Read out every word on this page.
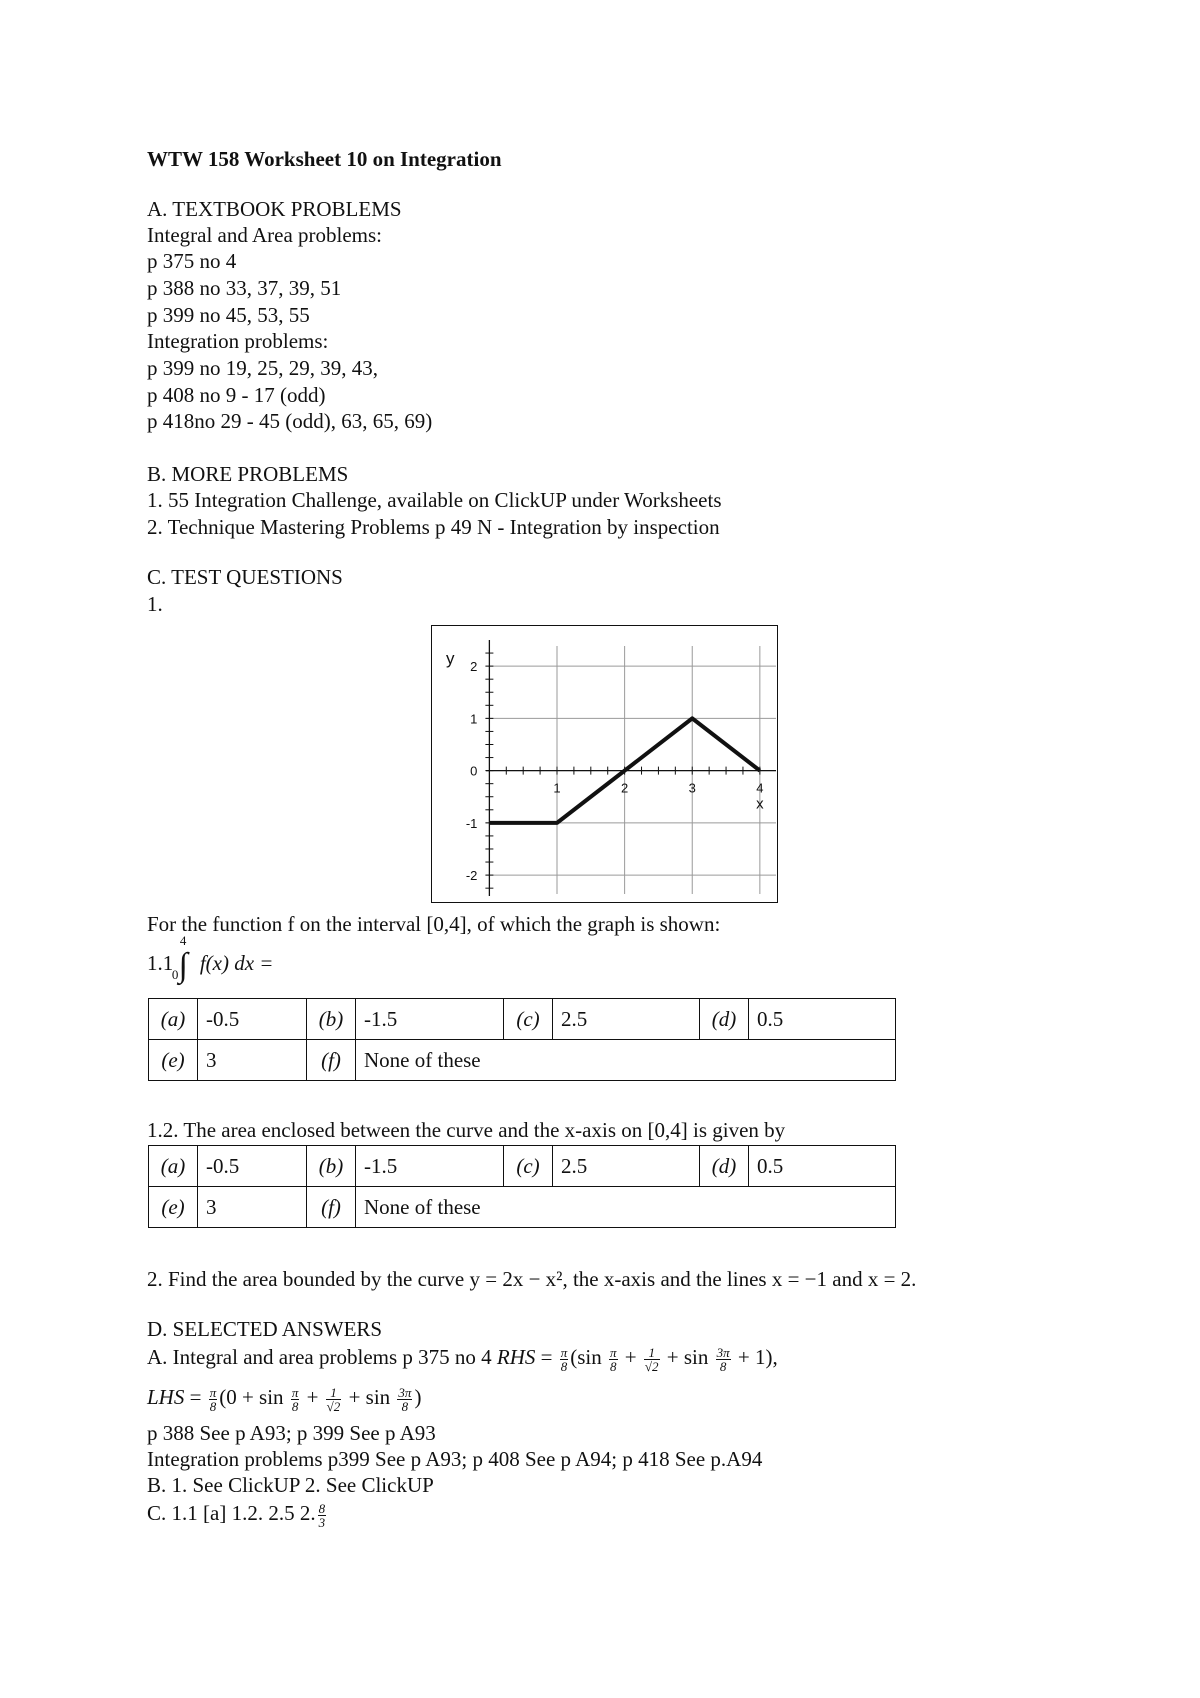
WTW 158 Worksheet 10 on Integration
A. TEXTBOOK PROBLEMS
Integral and Area problems:
p 375 no 4
p 388 no 33, 37, 39, 51
p 399 no 45, 53, 55
Integration problems:
p 399 no 19, 25, 29, 39, 43,
p 408 no 9 - 17 (odd)
p 418no 29 - 45 (odd), 63, 65, 69)
B. MORE PROBLEMS
1. 55 Integration Challenge, available on ClickUP under Worksheets
2. Technique Mastering Problems p 49 N - Integration by inspection
C. TEST QUESTIONS
1.
1	2	3	4
2
1
0
-1
-2
x
y
For the function f on the interval [0,4], of which the graph is shown:
1.1 ∫
4
0 f(x) dx =
(a)	-0.5	(b)	-1.5	(c)	2.5	(d)	0.5
(e)	3	(f)	None of these				
1.2. The area enclosed between the curve and the x-axis on [0,4] is given by
(a)	-0.5	(b)	-1.5	(c)	2.5	(d)	0.5
(e)	3	(f)	None of these				
2. Find the area bounded by the curve y = 2x − x², the x-axis and the lines x = −1 and x = 2.
D. SELECTED ANSWERS
A. Integral and area problems p 375 no 4 RHS = $\frac{\pi}{8} (\sin \frac{\pi}{8} + \frac{1}{√2} + \sin \frac{3\pi}{8} + 1)$,
LHS = $\frac{\pi}{8} (0 + \sin \frac{\pi}{8} + \frac{1}{√2} + \sin \frac{3\pi}{8}$ )
p 388 See p A93; p 399 See p A93
Integration problems p399 See p A93; p 408 See p A94; p 418 See p.A94
B. 1. See ClickUP 2. See ClickUP
C. 1.1 [a] 1.2. 2.5 2. $\frac{8}{3}$
